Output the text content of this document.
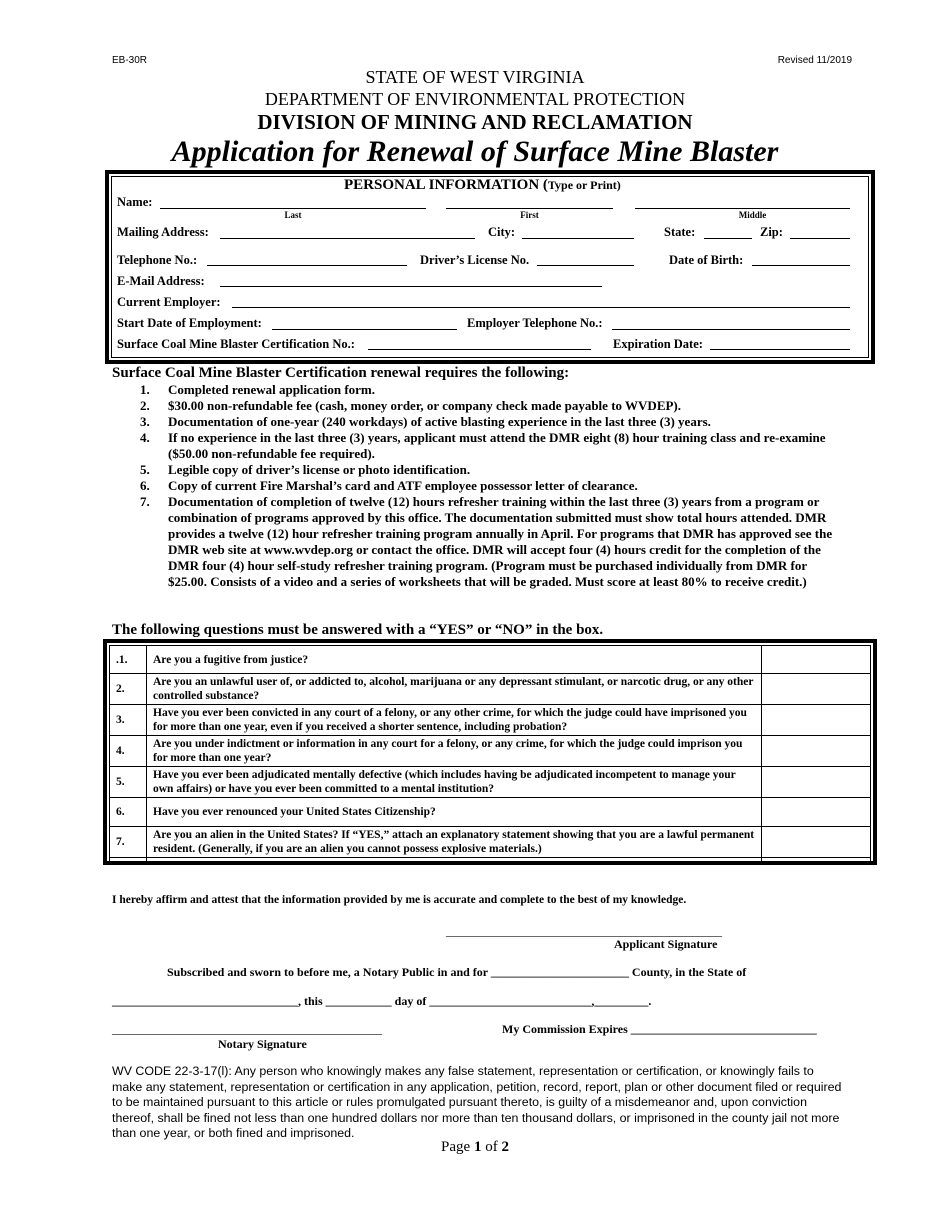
EB-30R	Revised 11/2019
STATE OF WEST VIRGINIA
DEPARTMENT OF ENVIRONMENTAL PROTECTION
DIVISION OF MINING AND RECLAMATION
Application for Renewal of Surface Mine Blaster
PERSONAL INFORMATION (Type or Print)
Name:
Last	First	Middle
Mailing Address:	City:	State:	Zip:
Telephone No.:	Driver’s License No.	Date of Birth:
E-Mail Address:
Current Employer:
Start Date of Employment:	Employer Telephone No.:
Surface Coal Mine Blaster Certification No.:	Expiration Date:
Surface Coal Mine Blaster Certification renewal requires the following:
1. Completed renewal application form.
2. $30.00 non-refundable fee (cash, money order, or company check made payable to WVDEP).
3. Documentation of one-year (240 workdays) of active blasting experience in the last three (3) years.
4. If no experience in the last three (3) years, applicant must attend the DMR eight (8) hour training class and re-examine ($50.00 non-refundable fee required).
5. Legible copy of driver’s license or photo identification.
6. Copy of current Fire Marshal’s card and ATF employee possessor letter of clearance.
7. Documentation of completion of twelve (12) hours refresher training within the last three (3) years from a program or combination of programs approved by this office. The documentation submitted must show total hours attended. DMR provides a twelve (12) hour refresher training program annually in April. For programs that DMR has approved see the DMR web site at www.wvdep.org or contact the office. DMR will accept four (4) hours credit for the completion of the DMR four (4) hour self-study refresher training program. (Program must be purchased individually from DMR for $25.00. Consists of a video and a series of worksheets that will be graded. Must score at least 80% to receive credit.)
The following questions must be answered with a “YES” or “NO” in the box.
.1.	Are you a fugitive from justice?	
2.	Are you an unlawful user of, or addicted to, alcohol, marijuana or any depressant stimulant, or narcotic drug, or any other controlled substance?	
3.	Have you ever been convicted in any court of a felony, or any other crime, for which the judge could have imprisoned you for more than one year, even if you received a shorter sentence, including probation?	
4.	Are you under indictment or information in any court for a felony, or any crime, for which the judge could imprison you for more than one year?	
5.	Have you ever been adjudicated mentally defective (which includes having be adjudicated incompetent to manage your own affairs) or have you ever been committed to a mental institution?	
6.	Have you ever renounced your United States Citizenship?	
7.	Are you an alien in the United States? If “YES,” attach an explanatory statement showing that you are a lawful permanent resident. (Generally, if you are an alien you cannot possess explosive materials.)	

I hereby affirm and attest that the information provided by me is accurate and complete to the best of my knowledge.
______________________________________________
Applicant Signature
Subscribed and sworn to before me, a Notary Public in and for _______________________ County, in the State of
_______________________________, this ___________ day of ___________________________,_________.
_____________________________________________	My Commission Expires _______________________________
Notary Signature
WV CODE 22-3-17(l): Any person who knowingly makes any false statement, representation or certification, or knowingly fails to make any statement, representation or certification in any application, petition, record, report, plan or other document filed or required to be maintained pursuant to this article or rules promulgated pursuant thereto, is guilty of a misdemeanor and, upon conviction thereof, shall be fined not less than one hundred dollars nor more than ten thousand dollars, or imprisoned in the county jail not more than one year, or both fined and imprisoned.
Page 1 of 2
